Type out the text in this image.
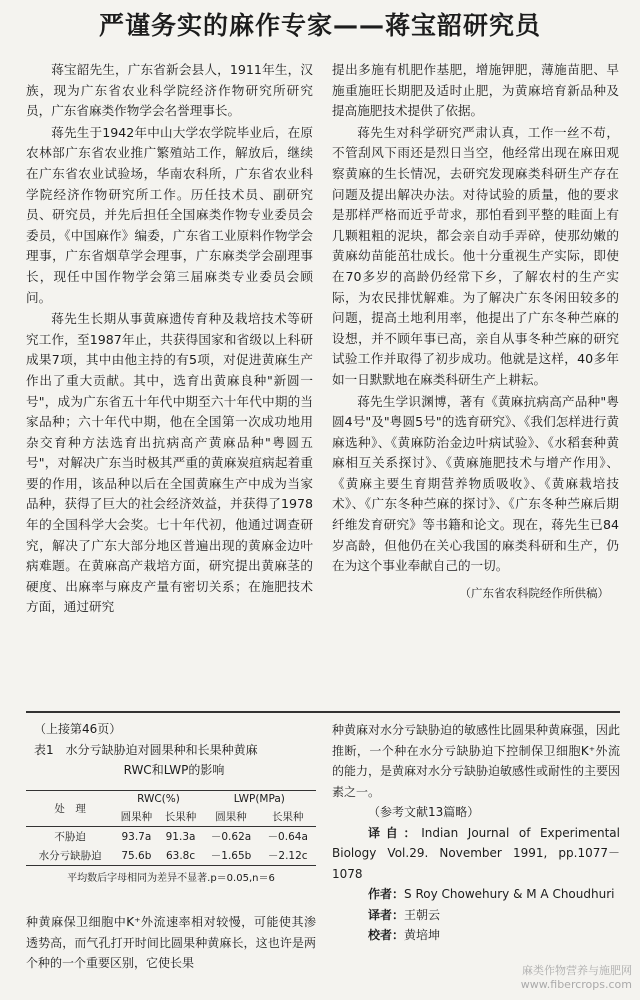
严谨务实的麻作专家——蒋宝韶研究员

蒋宝韶先生，广东省新会县人，1911年生，汉族，现为广东省农业科学院经济作物研究所研究员，广东省麻类作物学会名誉理事长。

蒋先生于1942年中山大学农学院毕业后，在原农林部广东省农业推广繁殖站工作，解放后，继续在广东省农业试验场，华南农科所，广东省农业科学院经济作物研究所工作。历任技术员、副研究员、研究员，并先后担任全国麻类作物专业委员会委员，《中国麻作》编委，广东省工业原料作物学会理事，广东省烟草学会理事，广东麻类学会副理事长，现任中国作物学会第三届麻类专业委员会顾问。

蒋先生长期从事黄麻遗传育种及栽培技术等研究工作，至1987年止，共获得国家和省级以上科研成果7项，其中由他主持的有5项，对促进黄麻生产作出了重大贡献。其中，选育出黄麻良种"新圆一号"，成为广东省五十年代中期至六十年代中期的当家品种；六十年代中期，他在全国第一次成功地用杂交育种方法选育出抗病高产黄麻品种"粤圆五号"，对解决广东当时极其严重的黄麻炭疽病起着重要的作用，该品种以后在全国黄麻生产中成为当家品种，获得了巨大的社会经济效益，并获得了1978年的全国科学大会奖。七十年代初，他通过调查研究，解决了广东大部分地区普遍出现的黄麻金边叶病难题。在黄麻高产栽培方面，研究提出黄麻茎的硬度、出麻率与麻皮产量有密切关系；在施肥技术方面，通过研究

提出多施有机肥作基肥，增施钾肥，薄施苗肥、早施重施旺长期肥及适时止肥，为黄麻培育新品种及提高施肥技术提供了依据。

蒋先生对科学研究严肃认真，工作一丝不苟，不管刮风下雨还是烈日当空，他经常出现在麻田观察黄麻的生长情况，去研究发现麻类科研生产存在问题及提出解决办法。对待试验的质量，他的要求是那样严格而近乎苛求，那怕看到平整的畦面上有几颗粗粗的泥块，都会亲自动手弄碎，使那幼嫩的黄麻幼苗能茁壮成长。他十分重视生产实际，即使在70多岁的高龄仍经常下乡，了解农村的生产实际，为农民排忧解难。为了解决广东冬闲田较多的问题，提高土地利用率，他提出了广东冬种苎麻的设想，并不顾年事已高，亲自从事冬种苎麻的研究试验工作并取得了初步成功。他就是这样，40多年如一日默默地在麻类科研生产上耕耘。

蒋先生学识渊博，著有《黄麻抗病高产品种"粤圆4号"及"粤圆5号"的选育研究》、《我们怎样进行黄麻选种》、《黄麻防治金边叶病试验》、《水稻套种黄麻相互关系探讨》、《黄麻施肥技术与增产作用》、《黄麻主要生育期营养物质吸收》、《黄麻栽培技术》、《广东冬种苎麻的探讨》、《广东冬种苎麻后期纤维发育研究》等书籍和论文。现在，蒋先生已84岁高龄，但他仍在关心我国的麻类科研和生产，仍在为这个事业奉献自己的一切。

（广东省农科院经作所供稿）
（上接第46页）
表1　 水分亏缺胁迫对圆果种和长果种黄麻
RWC和LWP的影响
处　理	RWC(%)		LWP(MPa)	
	圆果种	长果种	圆果种	长果种
不胁迫	93.7a	91.3a	－0.62a	－0.64a
水分亏缺胁迫	75.6b	63.8c	－1.65b	－2.12c
平均数后字母相同为差异不显著.p＝0.05,n＝6

种黄麻保卫细胞中K⁺外流速率相对较慢，可能使其渗透势高，而气孔打开时间比圆果种黄麻长，这也许是两个种的一个重要区别，它使长果

种黄麻对水分亏缺胁迫的敏感性比圆果种黄麻强，因此推断，一个种在水分亏缺胁迫下控制保卫细胞K⁺外流的能力，是黄麻对水分亏缺胁迫敏感性或耐性的主要因素之一。

（参考文献13篇略）

译自：Indian Journal of Experimental Biology Vol.29. November 1991, pp.1077－1078

作者：S Roy Chowehury & M A Choudhuri

译者：王朝云

校者：黄培坤

麻类作物营养与施肥网
www.fibercrops.com
